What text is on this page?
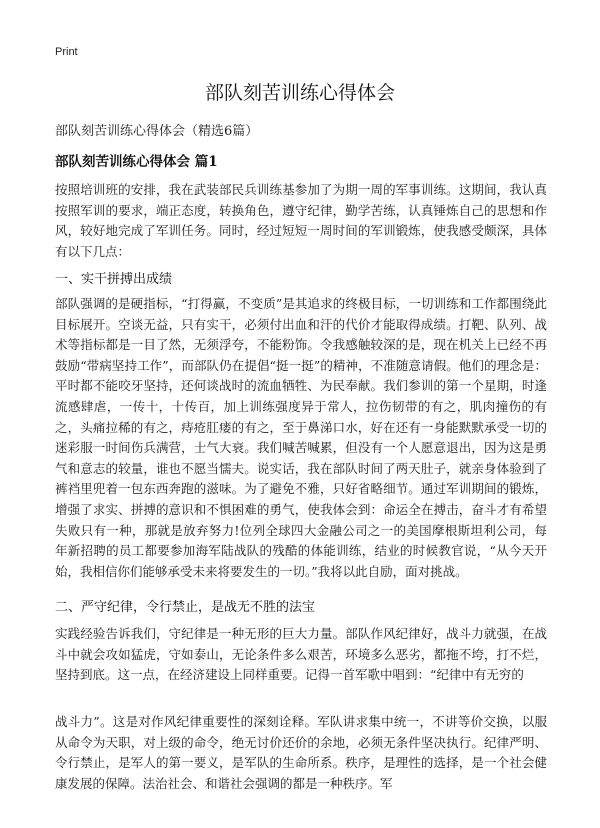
Print
部队刻苦训练心得体会
部队刻苦训练心得体会（精选6篇）
部队刻苦训练心得体会 篇1

按照培训班的安排，我在武装部民兵训练基参加了为期一周的军事训练。这期间，我认真按照军训的要求，端正态度，转换角色，遵守纪律，勤学苦练，认真锤炼自己的思想和作风，较好地完成了军训任务。同时，经过短短一周时间的军训锻炼，使我感受颇深，具体有以下几点：

一、实干拼搏出成绩

部队强调的是硬指标，“打得赢，不变质”是其追求的终极目标，一切训练和工作都围绕此目标展开。空谈无益，只有实干，必须付出血和汗的代价才能取得成绩。打靶、队列、战术等指标都是一目了然，无须浮夸，不能粉饰。令我感触较深的是，现在机关上已经不再鼓励“带病坚持工作”，而部队仍在提倡“挺一挺”的精神，不准随意请假。他们的理念是：平时都不能咬牙坚持，还何谈战时的流血牺牲、为民奉献。我们参训的第一个星期，时逢流感肆虐，一传十，十传百，加上训练强度异于常人，拉伤韧带的有之，肌肉撞伤的有之，头痛拉稀的有之，痔疮肛瘘的有之，至于鼻涕口水，好在还有一身能默默承受一切的迷彩服一时间伤兵满营，士气大衰。我们喊苦喊累，但没有一个人愿意退出，因为这是勇气和意志的较量，谁也不愿当懦夫。说实话，我在部队时间了两天肚子，就亲身体验到了裤裆里兜着一包东西奔跑的滋味。为了避免不雅，只好省略细节。通过军训期间的锻炼，增强了求实、拼搏的意识和不惧困难的勇气，使我体会到：命运全在搏击，奋斗才有希望失败只有一种，那就是放弃努力!位列全球四大金融公司之一的美国摩根斯坦利公司，每年新招聘的员工都要参加海军陆战队的残酷的体能训练，结业的时候教官说，“从今天开始，我相信你们能够承受未来将要发生的一切。”我将以此自励，面对挑战。

二、严守纪律，令行禁止，是战无不胜的法宝

实践经验告诉我们，守纪律是一种无形的巨大力量。部队作风纪律好，战斗力就强，在战斗中就会攻如猛虎，守如泰山，无论条件多么艰苦，环境多么恶劣，都拖不垮，打不烂，坚持到底。这一点，在经济建设上同样重要。记得一首军歌中唱到：“纪律中有无穷的

战斗力”。这是对作风纪律重要性的深刻诠释。军队讲求集中统一，不讲等价交换，以服从命令为天职，对上级的命令，绝无讨价还价的余地，必须无条件坚决执行。纪律严明、令行禁止，是军人的第一要义，是军队的生命所系。秩序，是理性的选择，是一个社会健康发展的保障。法治社会、和谐社会强调的都是一种秩序。军
